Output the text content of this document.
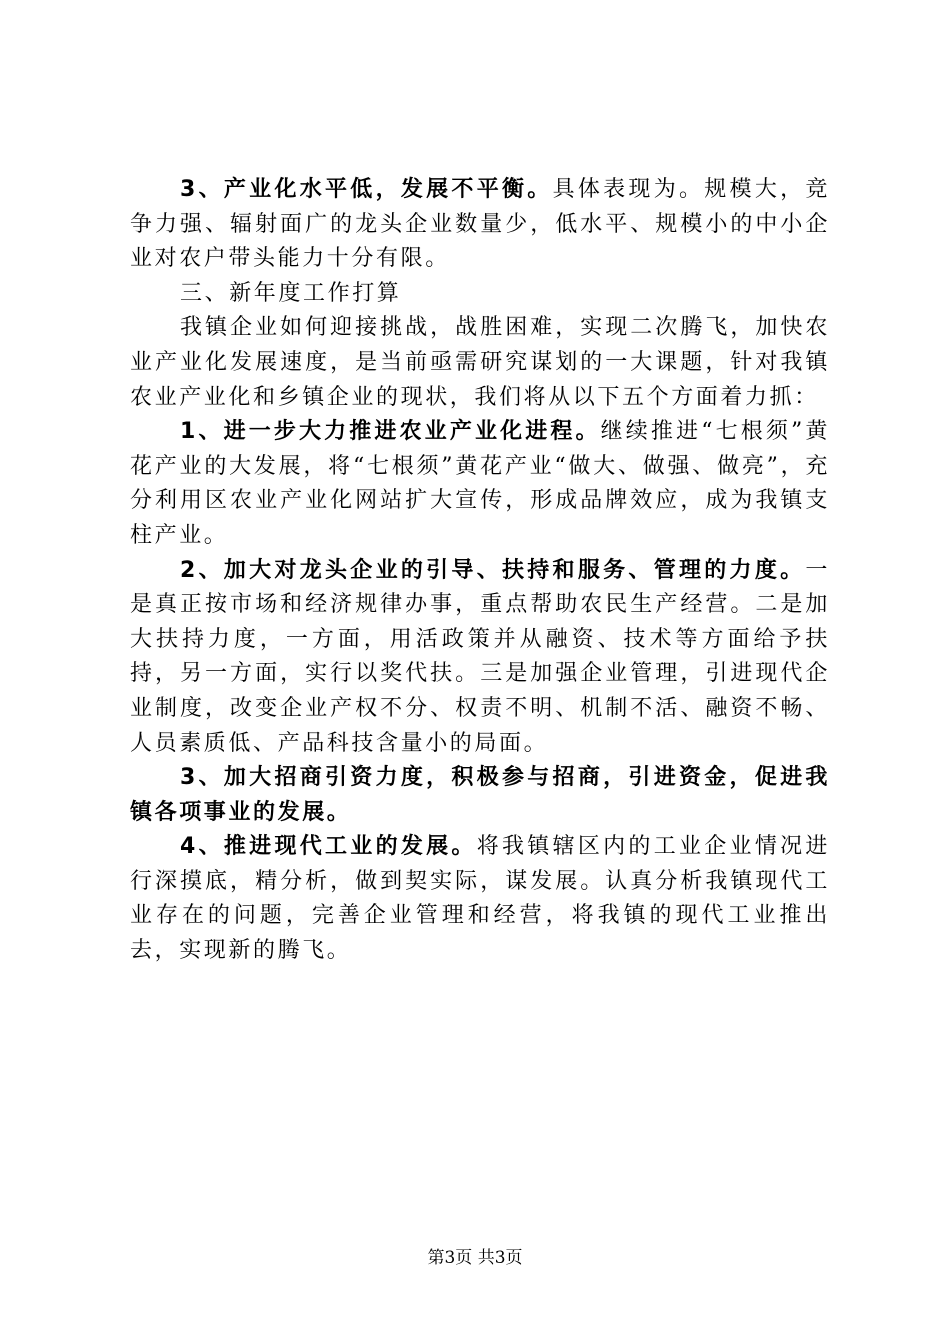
3、产业化水平低，发展不平衡。具体表现为。规模大，竞争力强、辐射面广的龙头企业数量少，低水平、规模小的中小企业对农户带头能力十分有限。

三、新年度工作打算

我镇企业如何迎接挑战，战胜困难，实现二次腾飞，加快农业产业化发展速度，是当前亟需研究谋划的一大课题，针对我镇农业产业化和乡镇企业的现状，我们将从以下五个方面着力抓：

1、进一步大力推进农业产业化进程。继续推进“七根须”黄花产业的大发展，将“七根须”黄花产业“做大、做强、做亮”，充分利用区农业产业化网站扩大宣传，形成品牌效应，成为我镇支柱产业。

2、加大对龙头企业的引导、扶持和服务、管理的力度。一是真正按市场和经济规律办事，重点帮助农民生产经营。二是加大扶持力度，一方面，用活政策并从融资、技术等方面给予扶持，另一方面，实行以奖代扶。三是加强企业管理，引进现代企业制度，改变企业产权不分、权责不明、机制不活、融资不畅、人员素质低、产品科技含量小的局面。

3、加大招商引资力度，积极参与招商，引进资金，促进我镇各项事业的发展。

4、推进现代工业的发展。将我镇辖区内的工业企业情况进行深摸底，精分析，做到契实际，谋发展。认真分析我镇现代工业存在的问题，完善企业管理和经营，将我镇的现代工业推出去，实现新的腾飞。

第3页 共3页
